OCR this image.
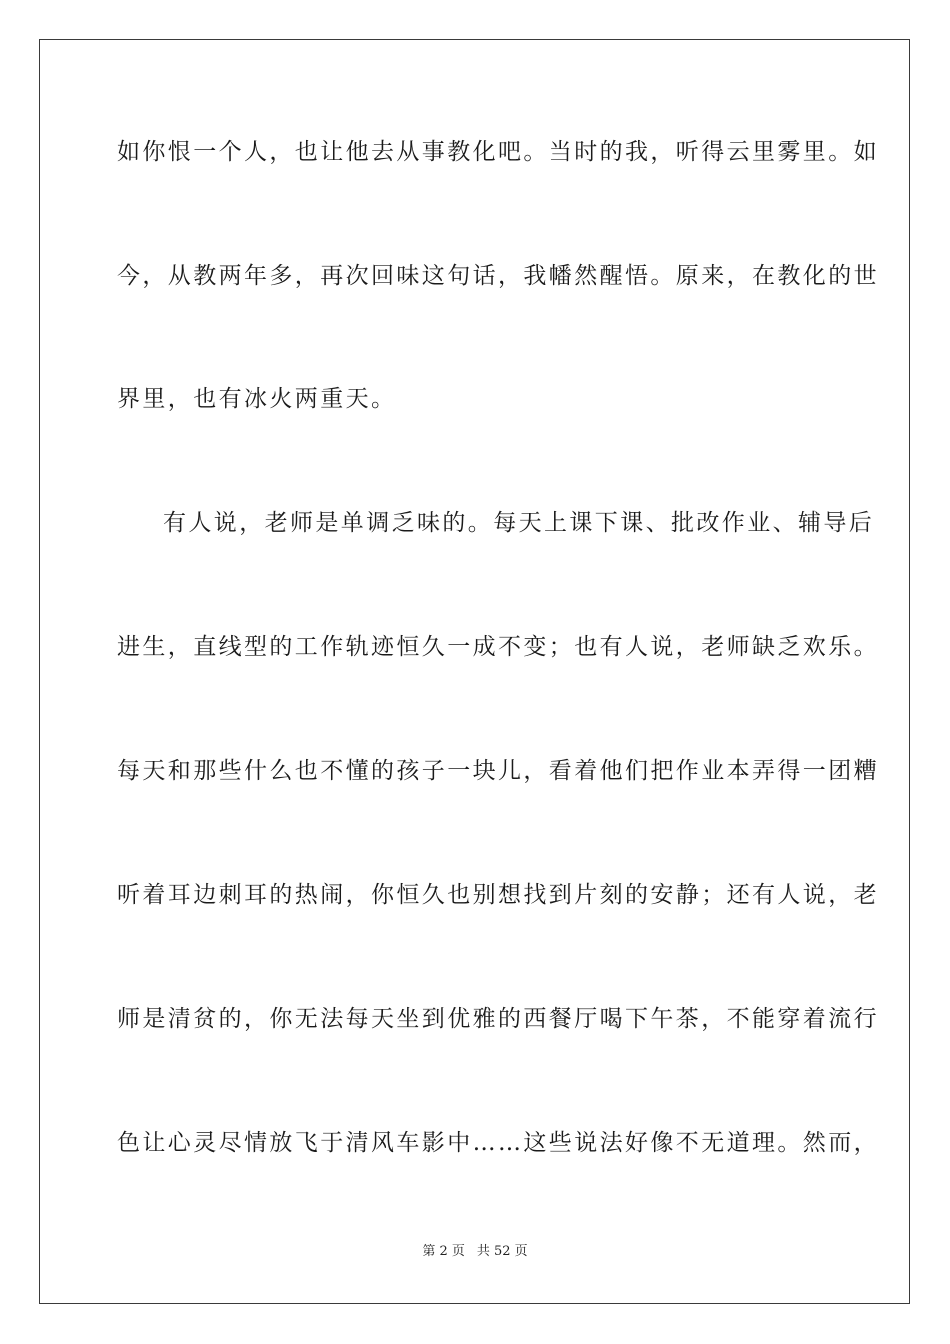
如你恨一个人，也让他去从事教化吧。当时的我，听得云里雾里。如
今，从教两年多，再次回味这句话，我幡然醒悟。原来，在教化的世
界里，也有冰火两重天。
有人说，老师是单调乏味的。每天上课下课、批改作业、辅导后
进生，直线型的工作轨迹恒久一成不变；也有人说，老师缺乏欢乐。
每天和那些什么也不懂的孩子一块儿，看着他们把作业本弄得一团糟
听着耳边刺耳的热闹，你恒久也别想找到片刻的安静；还有人说，老
师是清贫的，你无法每天坐到优雅的西餐厅喝下午茶，不能穿着流行
色让心灵尽情放飞于清风车影中……这些说法好像不无道理。然而，
第 2 页 共 52 页
